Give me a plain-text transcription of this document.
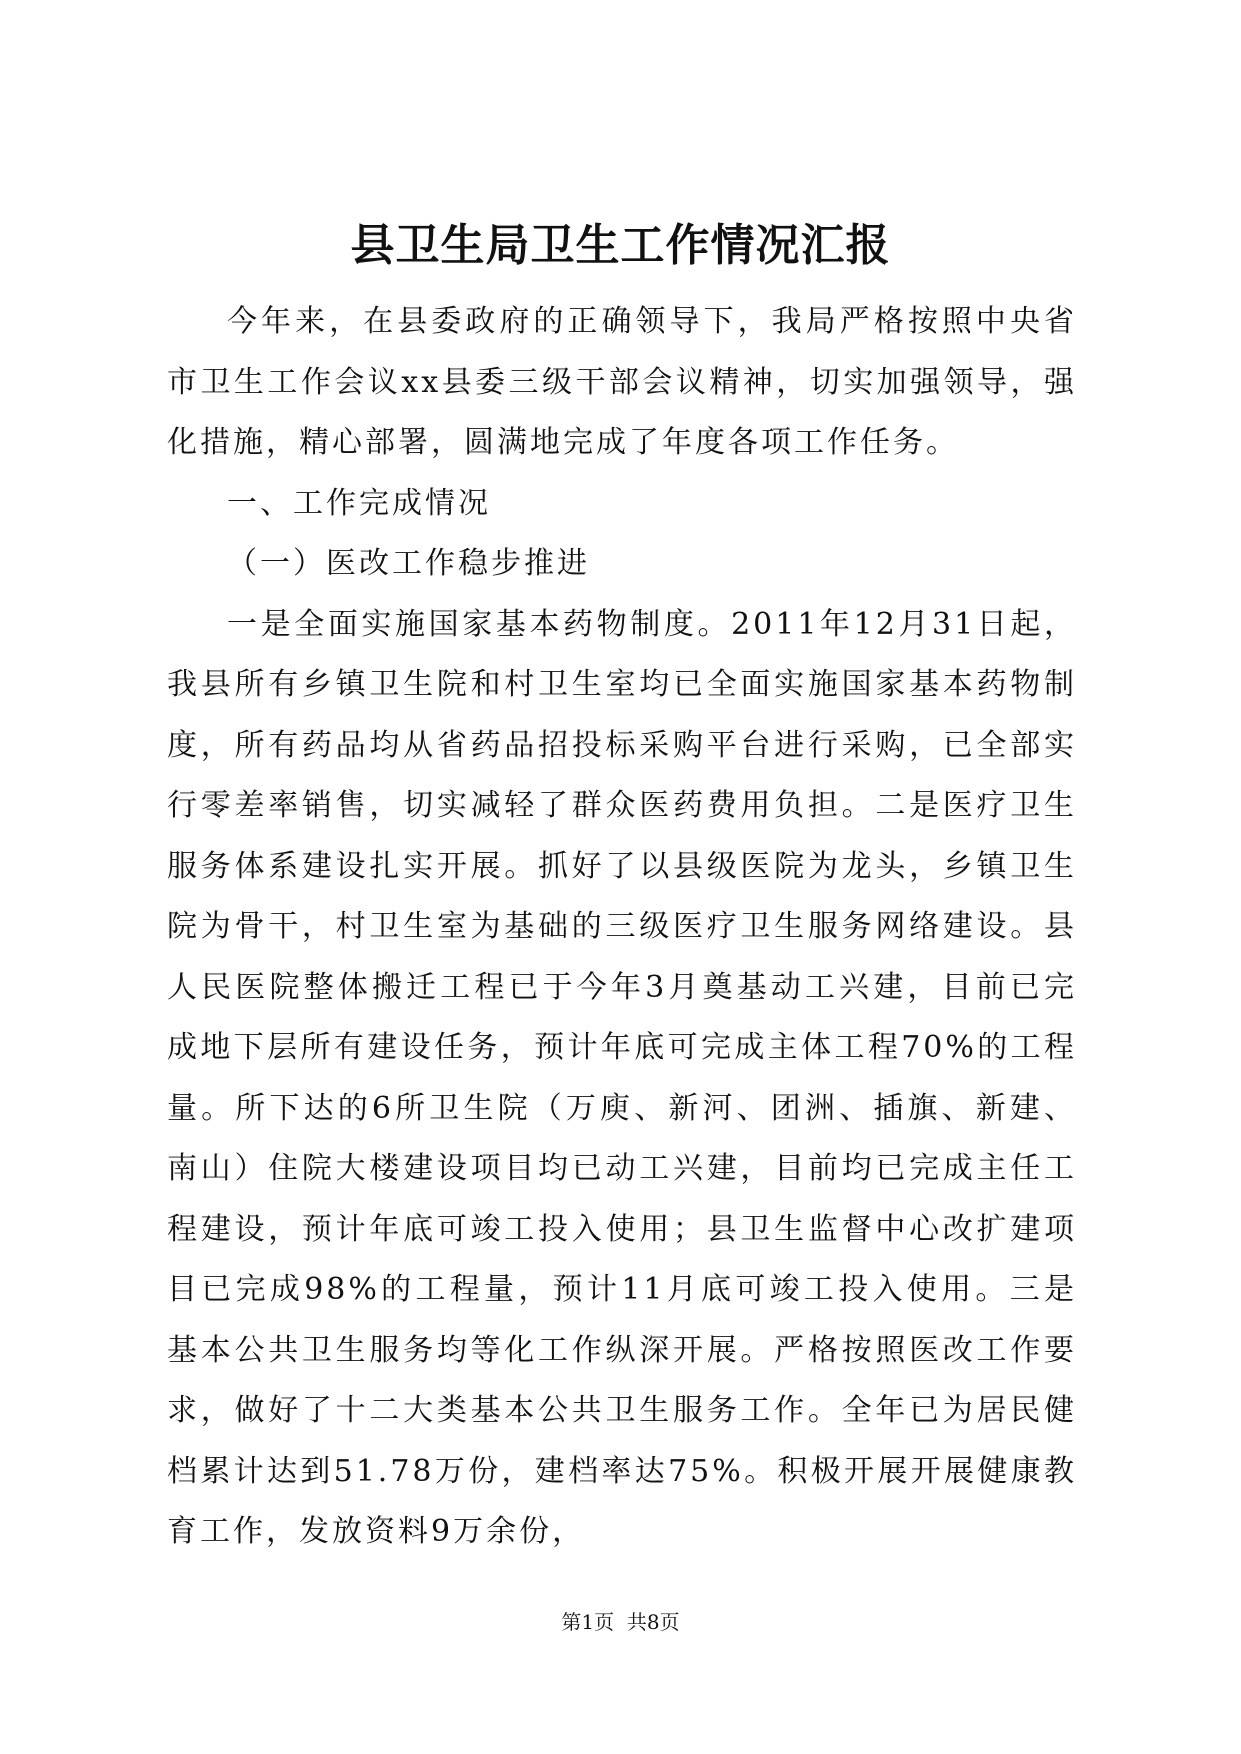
县卫生局卫生工作情况汇报

今年来，在县委政府的正确领导下，我局严格按照中央省市卫生工作会议xx县委三级干部会议精神，切实加强领导，强化措施，精心部署，圆满地完成了年度各项工作任务。

一、工作完成情况

（一）医改工作稳步推进

一是全面实施国家基本药物制度。2011年12月31日起，我县所有乡镇卫生院和村卫生室均已全面实施国家基本药物制度，所有药品均从省药品招投标采购平台进行采购，已全部实行零差率销售，切实减轻了群众医药费用负担。二是医疗卫生服务体系建设扎实开展。抓好了以县级医院为龙头，乡镇卫生院为骨干，村卫生室为基础的三级医疗卫生服务网络建设。县人民医院整体搬迁工程已于今年3月奠基动工兴建，目前已完成地下层所有建设任务，预计年底可完成主体工程70%的工程量。所下达的6所卫生院（万庾、新河、团洲、插旗、新建、南山）住院大楼建设项目均已动工兴建，目前均已完成主任工程建设，预计年底可竣工投入使用；县卫生监督中心改扩建项目已完成98%的工程量，预计11月底可竣工投入使用。三是基本公共卫生服务均等化工作纵深开展。严格按照医改工作要求，做好了十二大类基本公共卫生服务工作。全年已为居民健档累计达到51.78万份，建档率达75%。积极开展开展健康教育工作，发放资料9万余份，

第1页 共8页
